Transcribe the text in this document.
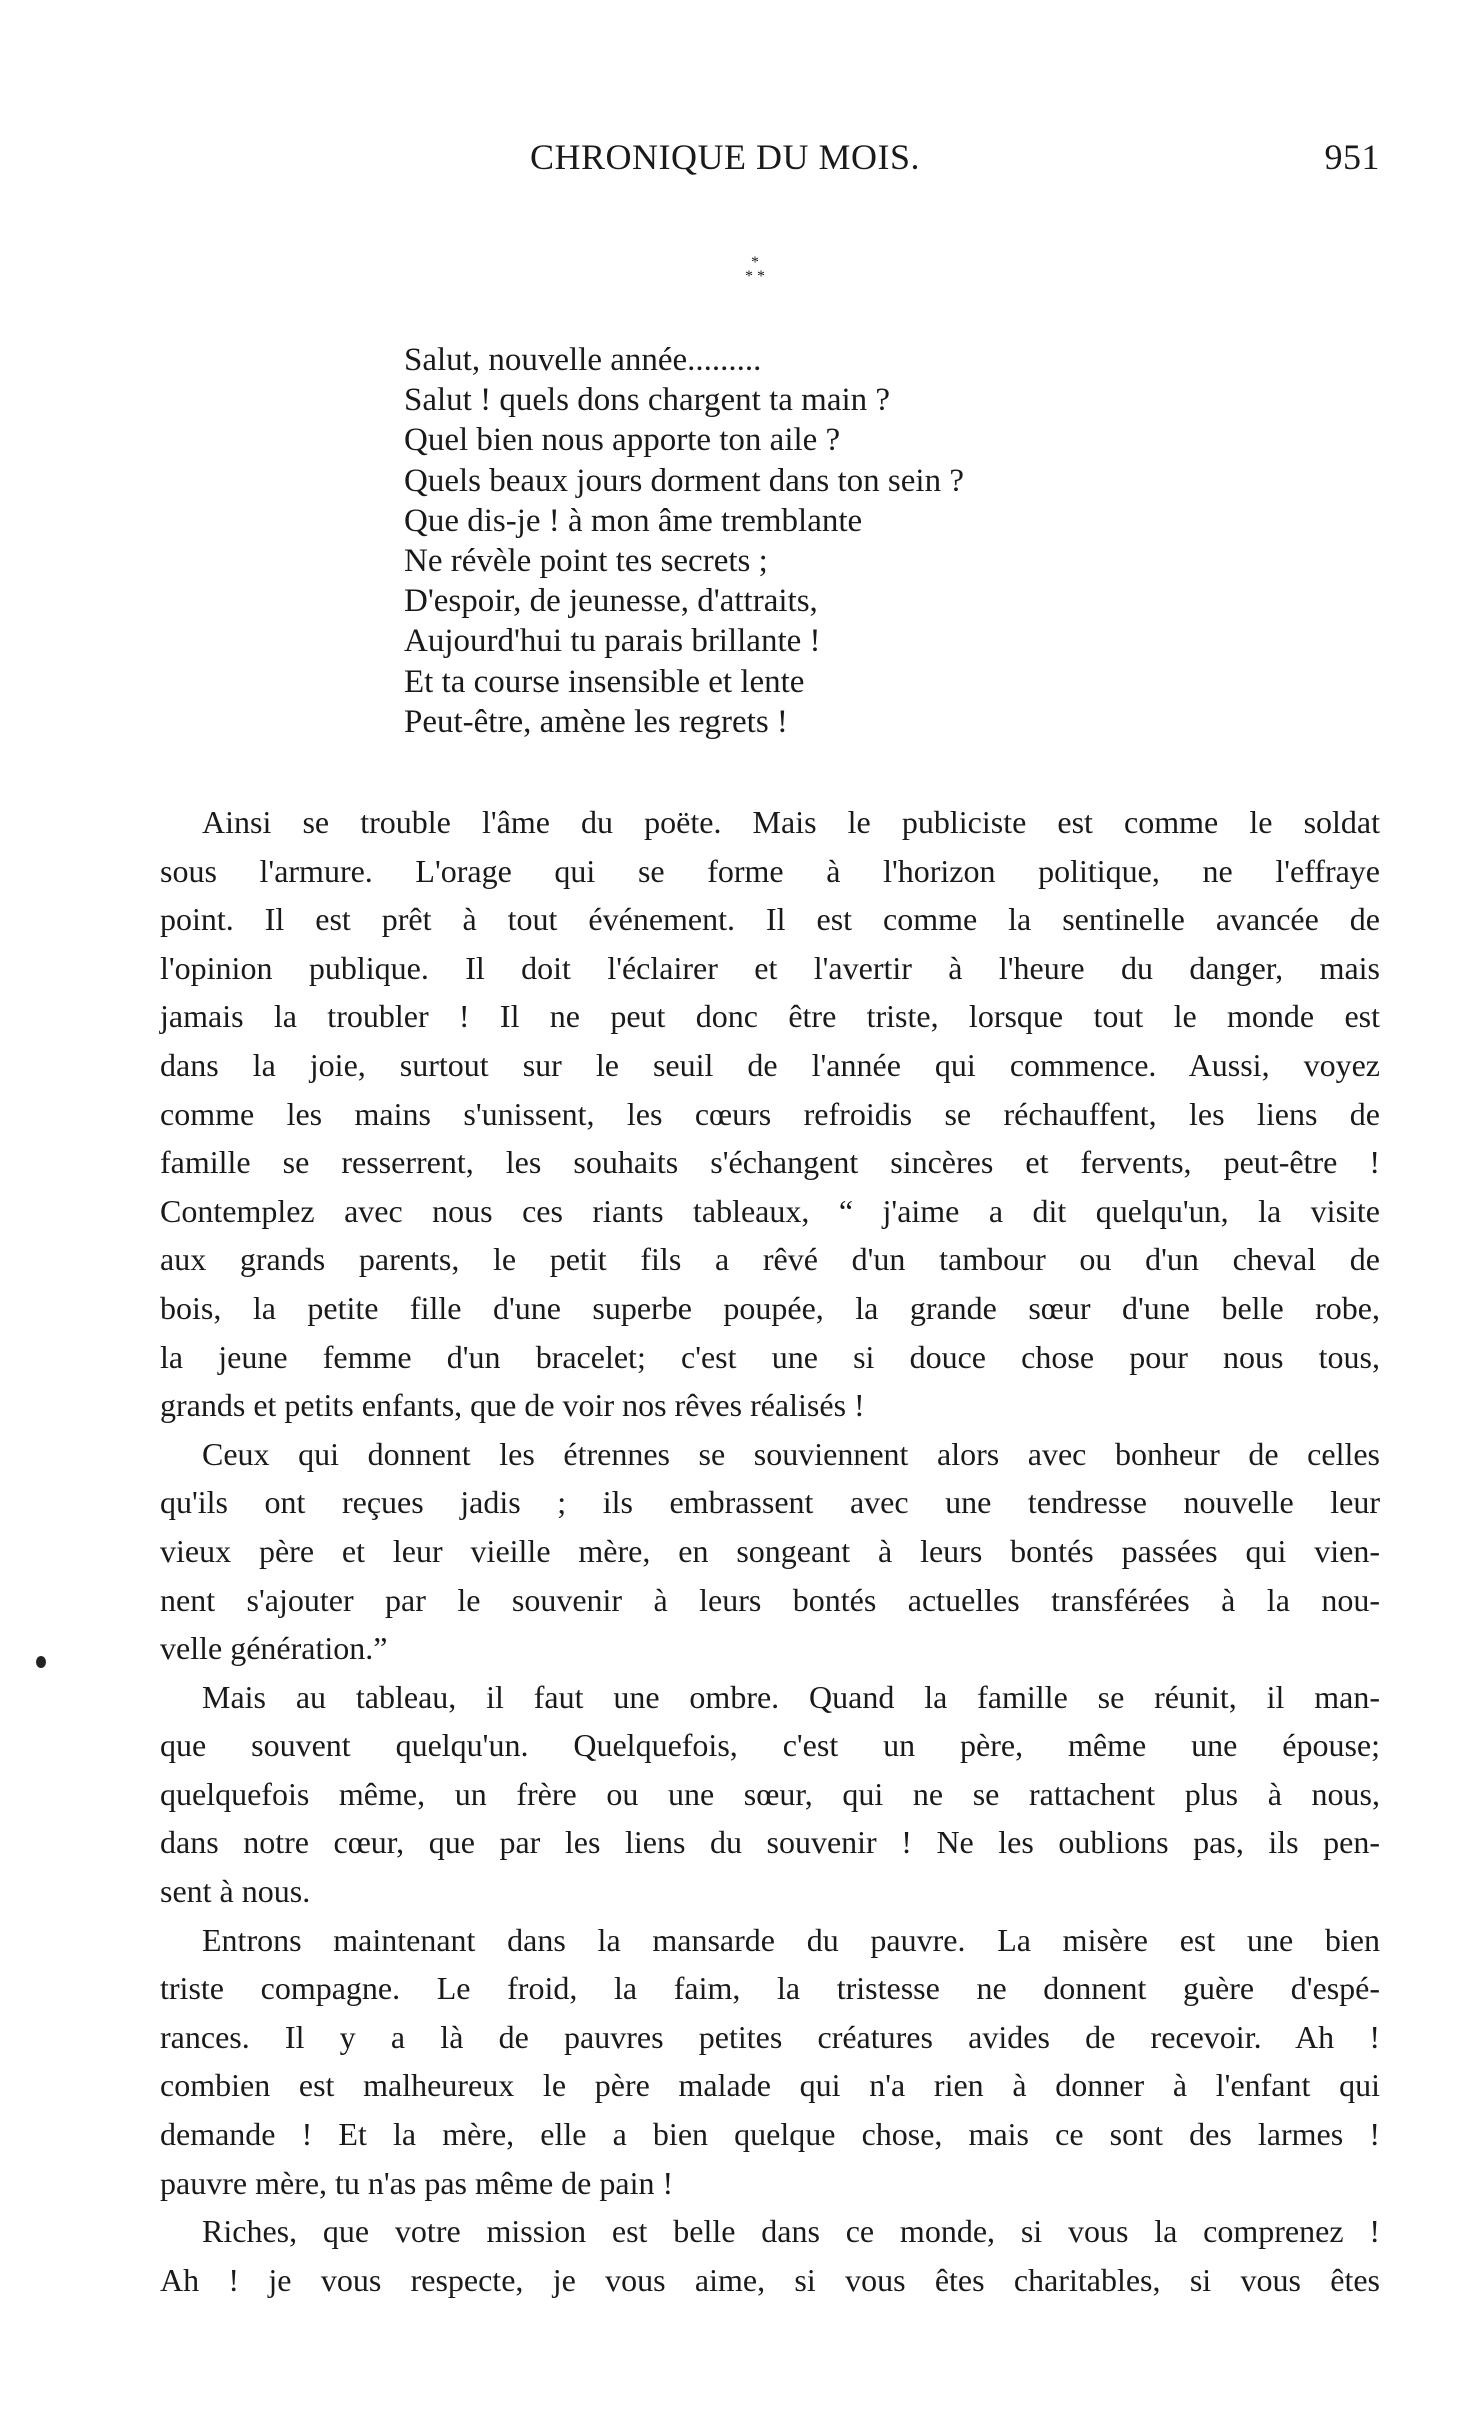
CHRONIQUE DU MOIS.	951
*
* *
Salut, nouvelle année.........
Salut ! quels dons chargent ta main ?
Quel bien nous apporte ton aile ?
Quels beaux jours dorment dans ton sein ?
Que dis-je ! à mon âme tremblante
Ne révèle point tes secrets ;
D'espoir, de jeunesse, d'attraits,
Aujourd'hui tu parais brillante !
Et ta course insensible et lente
Peut-être, amène les regrets !
Ainsi se trouble l'âme du poëte. Mais le publiciste est comme le soldat
sous l'armure. L'orage qui se forme à l'horizon politique, ne l'effraye
point. Il est prêt à tout événement. Il est comme la sentinelle avancée de
l'opinion publique. Il doit l'éclairer et l'avertir à l'heure du danger, mais
jamais la troubler ! Il ne peut donc être triste, lorsque tout le monde est
dans la joie, surtout sur le seuil de l'année qui commence. Aussi, voyez
comme les mains s'unissent, les cœurs refroidis se réchauffent, les liens de
famille se resserrent, les souhaits s'échangent sincères et fervents, peut-être !
Contemplez avec nous ces riants tableaux, “ j'aime a dit quelqu'un, la visite
aux grands parents, le petit fils a rêvé d'un tambour ou d'un cheval de
bois, la petite fille d'une superbe poupée, la grande sœur d'une belle robe,
la jeune femme d'un bracelet; c'est une si douce chose pour nous tous,
grands et petits enfants, que de voir nos rêves réalisés !
Ceux qui donnent les étrennes se souviennent alors avec bonheur de celles
qu'ils ont reçues jadis ; ils embrassent avec une tendresse nouvelle leur
vieux père et leur vieille mère, en songeant à leurs bontés passées qui vien-
nent s'ajouter par le souvenir à leurs bontés actuelles transférées à la nou-
velle génération.”
Mais au tableau, il faut une ombre. Quand la famille se réunit, il man-
que souvent quelqu'un. Quelquefois, c'est un père, même une épouse;
quelquefois même, un frère ou une sœur, qui ne se rattachent plus à nous,
dans notre cœur, que par les liens du souvenir ! Ne les oublions pas, ils pen-
sent à nous.
Entrons maintenant dans la mansarde du pauvre. La misère est une bien
triste compagne. Le froid, la faim, la tristesse ne donnent guère d'espé-
rances. Il y a là de pauvres petites créatures avides de recevoir. Ah !
combien est malheureux le père malade qui n'a rien à donner à l'enfant qui
demande ! Et la mère, elle a bien quelque chose, mais ce sont des larmes !
pauvre mère, tu n'as pas même de pain !
Riches, que votre mission est belle dans ce monde, si vous la comprenez !
Ah ! je vous respecte, je vous aime, si vous êtes charitables, si vous êtes
